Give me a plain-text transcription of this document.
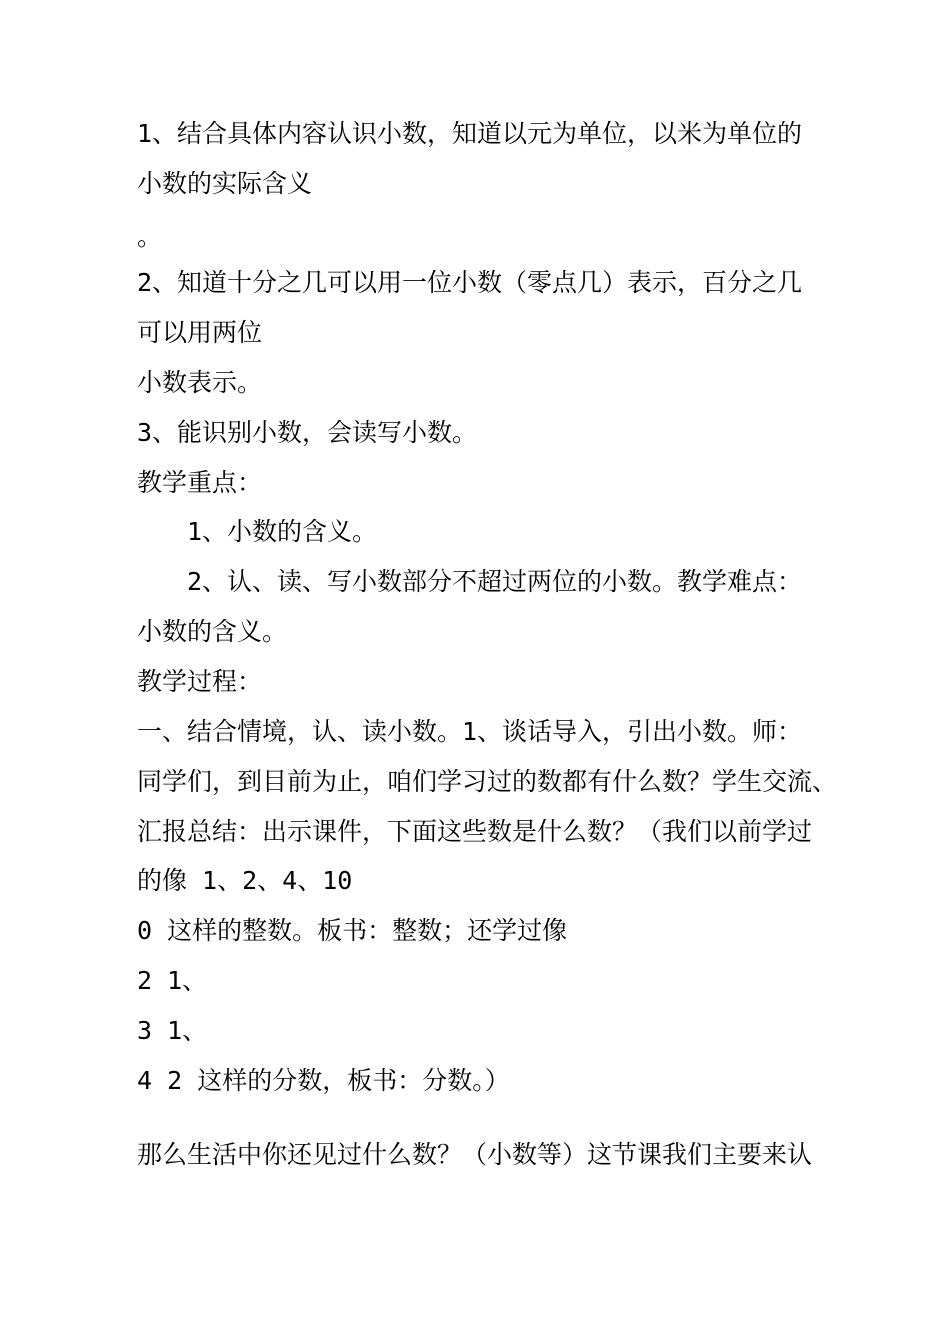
1、结合具体内容认识小数，知道以元为单位，以米为单位的
小数的实际含义
。
2、知道十分之几可以用一位小数（零点几）表示，百分之几
可以用两位
小数表示。
3、能识别小数，会读写小数。
教学重点：
1、小数的含义。
2、认、读、写小数部分不超过两位的小数。教学难点：
小数的含义。
教学过程：
一、结合情境，认、读小数。1、谈话导入，引出小数。师：
同学们，到目前为止，咱们学习过的数都有什么数？学生交流、
汇报总结：出示课件，下面这些数是什么数？（我们以前学过
的像 1、2、4、10
0 这样的整数。板书：整数；还学过像
2 1、
3 1、
4 2 这样的分数，板书：分数。）
那么生活中你还见过什么数？（小数等）这节课我们主要来认
